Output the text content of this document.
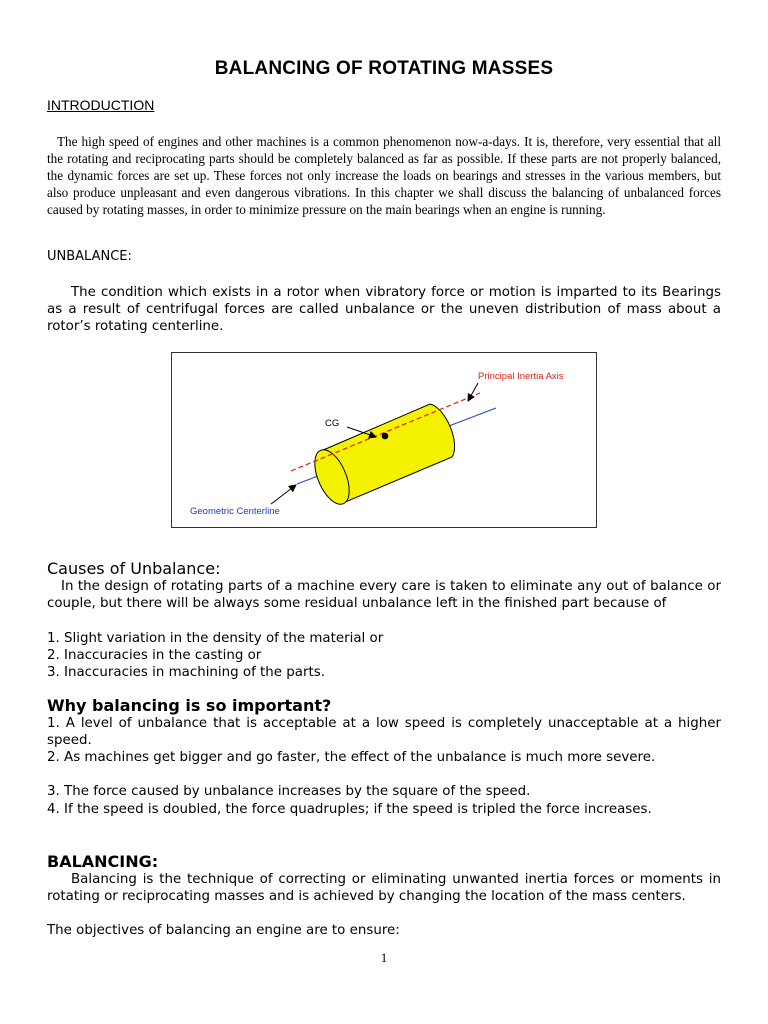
BALANCING OF ROTATING MASSES
INTRODUCTION

The high speed of engines and other machines is a common phenomenon now-a-days. It is, therefore, very essential that all the rotating and reciprocating parts should be completely balanced as far as possible. If these parts are not properly balanced, the dynamic forces are set up. These forces not only increase the loads on bearings and stresses in the various members, but also produce unpleasant and even dangerous vibrations. In this chapter we shall discuss the balancing of unbalanced forces caused by rotating masses, in order to minimize pressure on the main bearings when an engine is running.

UNBALANCE:

The condition which exists in a rotor when vibratory force or motion is imparted to its Bearings as a result of centrifugal forces are called unbalance or the uneven distribution of mass about a rotor’s rotating centerline.

Principal Inertia Axis
CG
Geometric Centerline
Causes of Unbalance:

In the design of rotating parts of a machine every care is taken to eliminate any out of balance or couple, but there will be always some residual unbalance left in the finished part because of

1. Slight variation in the density of the material or
2. Inaccuracies in the casting or
3. Inaccuracies in machining of the parts.
Why balancing is so important?

1. A level of unbalance that is acceptable at a low speed is completely unacceptable at a higher speed.

2. As machines get bigger and go faster, the effect of the unbalance is much more severe.

3. The force caused by unbalance increases by the square of the speed.

4. If the speed is doubled, the force quadruples; if the speed is tripled the force increases.

BALANCING:

Balancing is the technique of correcting or eliminating unwanted inertia forces or moments in rotating or reciprocating masses and is achieved by changing the location of the mass centers.

The objectives of balancing an engine are to ensure:
1
